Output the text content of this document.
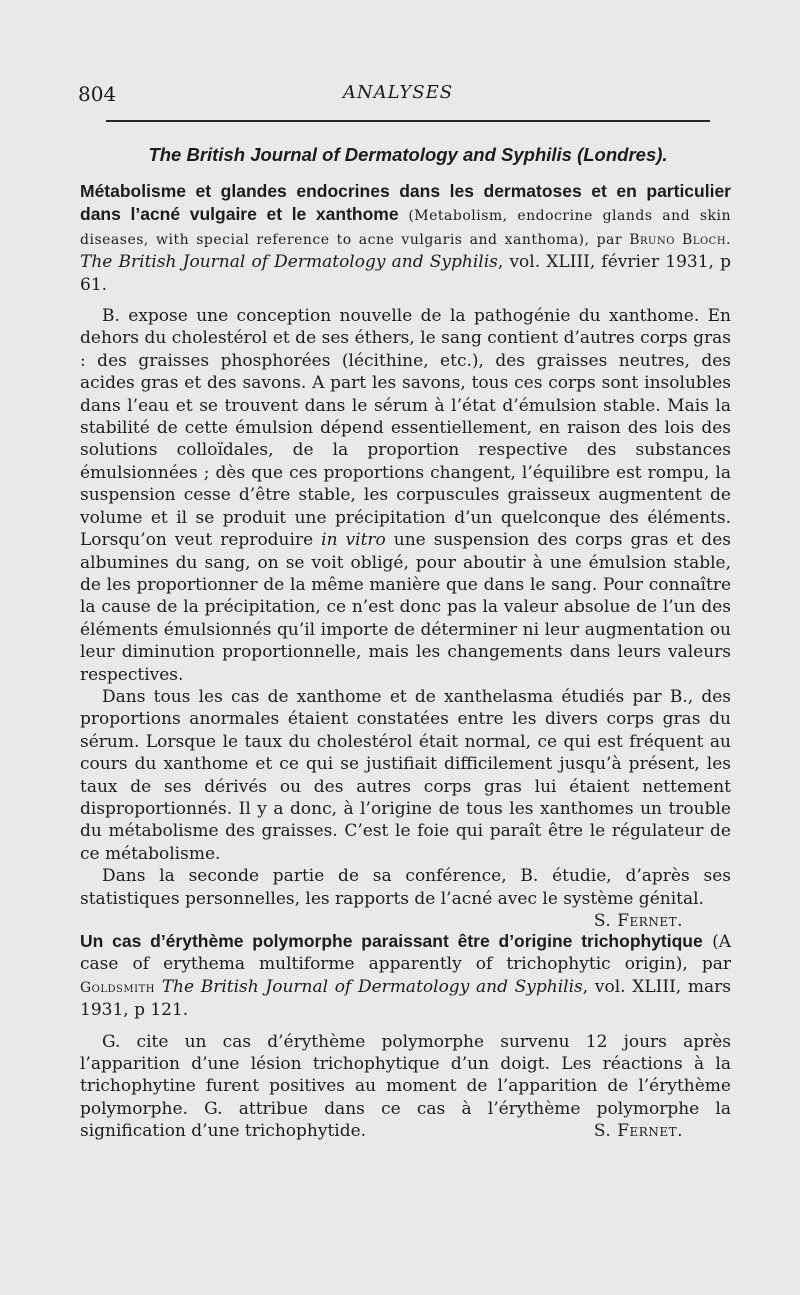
804	ANALYSES
The British Journal of Dermatology and Syphilis (Londres).

Métabolisme et glandes endocrines dans les dermatoses et en particulier dans l’acné vulgaire et le xanthome (Metabolism, endocrine glands and skin diseases, with special reference to acne vulgaris and xanthoma), par Bruno Bloch. The British Journal of Dermatology and Syphilis, vol. XLIII, février 1931, p 61.

B. expose une conception nouvelle de la pathogénie du xanthome. En dehors du cholestérol et de ses éthers, le sang contient d’autres corps gras : des graisses phosphorées (lécithine, etc.), des graisses neutres, des acides gras et des savons. A part les savons, tous ces corps sont insolubles dans l’eau et se trouvent dans le sérum à l’état d’émulsion stable. Mais la stabilité de cette émulsion dépend essentiellement, en raison des lois des solutions colloïdales, de la proportion respective des substances émulsionnées ; dès que ces proportions changent, l’équilibre est rompu, la suspension cesse d’être stable, les corpuscules graisseux augmentent de volume et il se produit une précipitation d’un quelconque des éléments. Lorsqu’on veut reproduire in vitro une suspension des corps gras et des albumines du sang, on se voit obligé, pour aboutir à une émulsion stable, de les proportionner de la même manière que dans le sang. Pour connaître la cause de la précipitation, ce n’est donc pas la valeur absolue de l’un des éléments émulsionnés qu’il importe de déterminer ni leur augmentation ou leur diminution proportionnelle, mais les changements dans leurs valeurs respectives.

Dans tous les cas de xanthome et de xanthelasma étudiés par B., des proportions anormales étaient constatées entre les divers corps gras du sérum. Lorsque le taux du cholestérol était normal, ce qui est fréquent au cours du xanthome et ce qui se justifiait difficilement jusqu’à présent, les taux de ses dérivés ou des autres corps gras lui étaient nettement disproportionnés. Il y a donc, à l’origine de tous les xanthomes un trouble du métabolisme des graisses. C’est le foie qui paraît être le régulateur de ce métabolisme.

Dans la seconde partie de sa conférence, B. étudie, d’après ses statistiques personnelles, les rapports de l’acné avec le système génital.

S. Fernet.

Un cas d’érythème polymorphe paraissant être d’origine trichophytique (A case of erythema multiforme apparently of trichophytic origin), par Goldsmith The British Journal of Dermatology and Syphilis, vol. XLIII, mars 1931, p 121.

G. cite un cas d’érythème polymorphe survenu 12 jours après l’apparition d’une lésion trichophytique d’un doigt. Les réactions à la trichophytine furent positives au moment de l’apparition de l’érythème polymorphe. G. attribue dans ce cas à l’érythème polymorphe la signification d’une trichophytide.	S. Fernet.
